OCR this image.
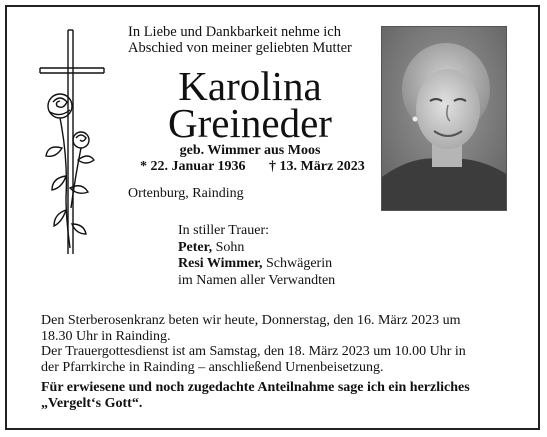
In Liebe und Dankbarkeit nehme ich
Abschied von meiner geliebten Mutter
Karolina
Greineder
geb. Wimmer aus Moos
* 22. Januar 1936 † 13. März 2023
Ortenburg, Rainding
In stiller Trauer:
Peter, Sohn
Resi Wimmer, Schwägerin
im Namen aller Verwandten
Den Sterberosenkranz beten wir heute, Donnerstag, den 16. März 2023 um
18.30 Uhr in Rainding.
Der Trauergottesdienst ist am Samstag, den 18. März 2023 um 10.00 Uhr in
der Pfarrkirche in Rainding – anschließend Urnenbeisetzung.
Für erwiesene und noch zugedachte Anteilnahme sage ich ein herzliches
„Vergelt‘s Gott“.
